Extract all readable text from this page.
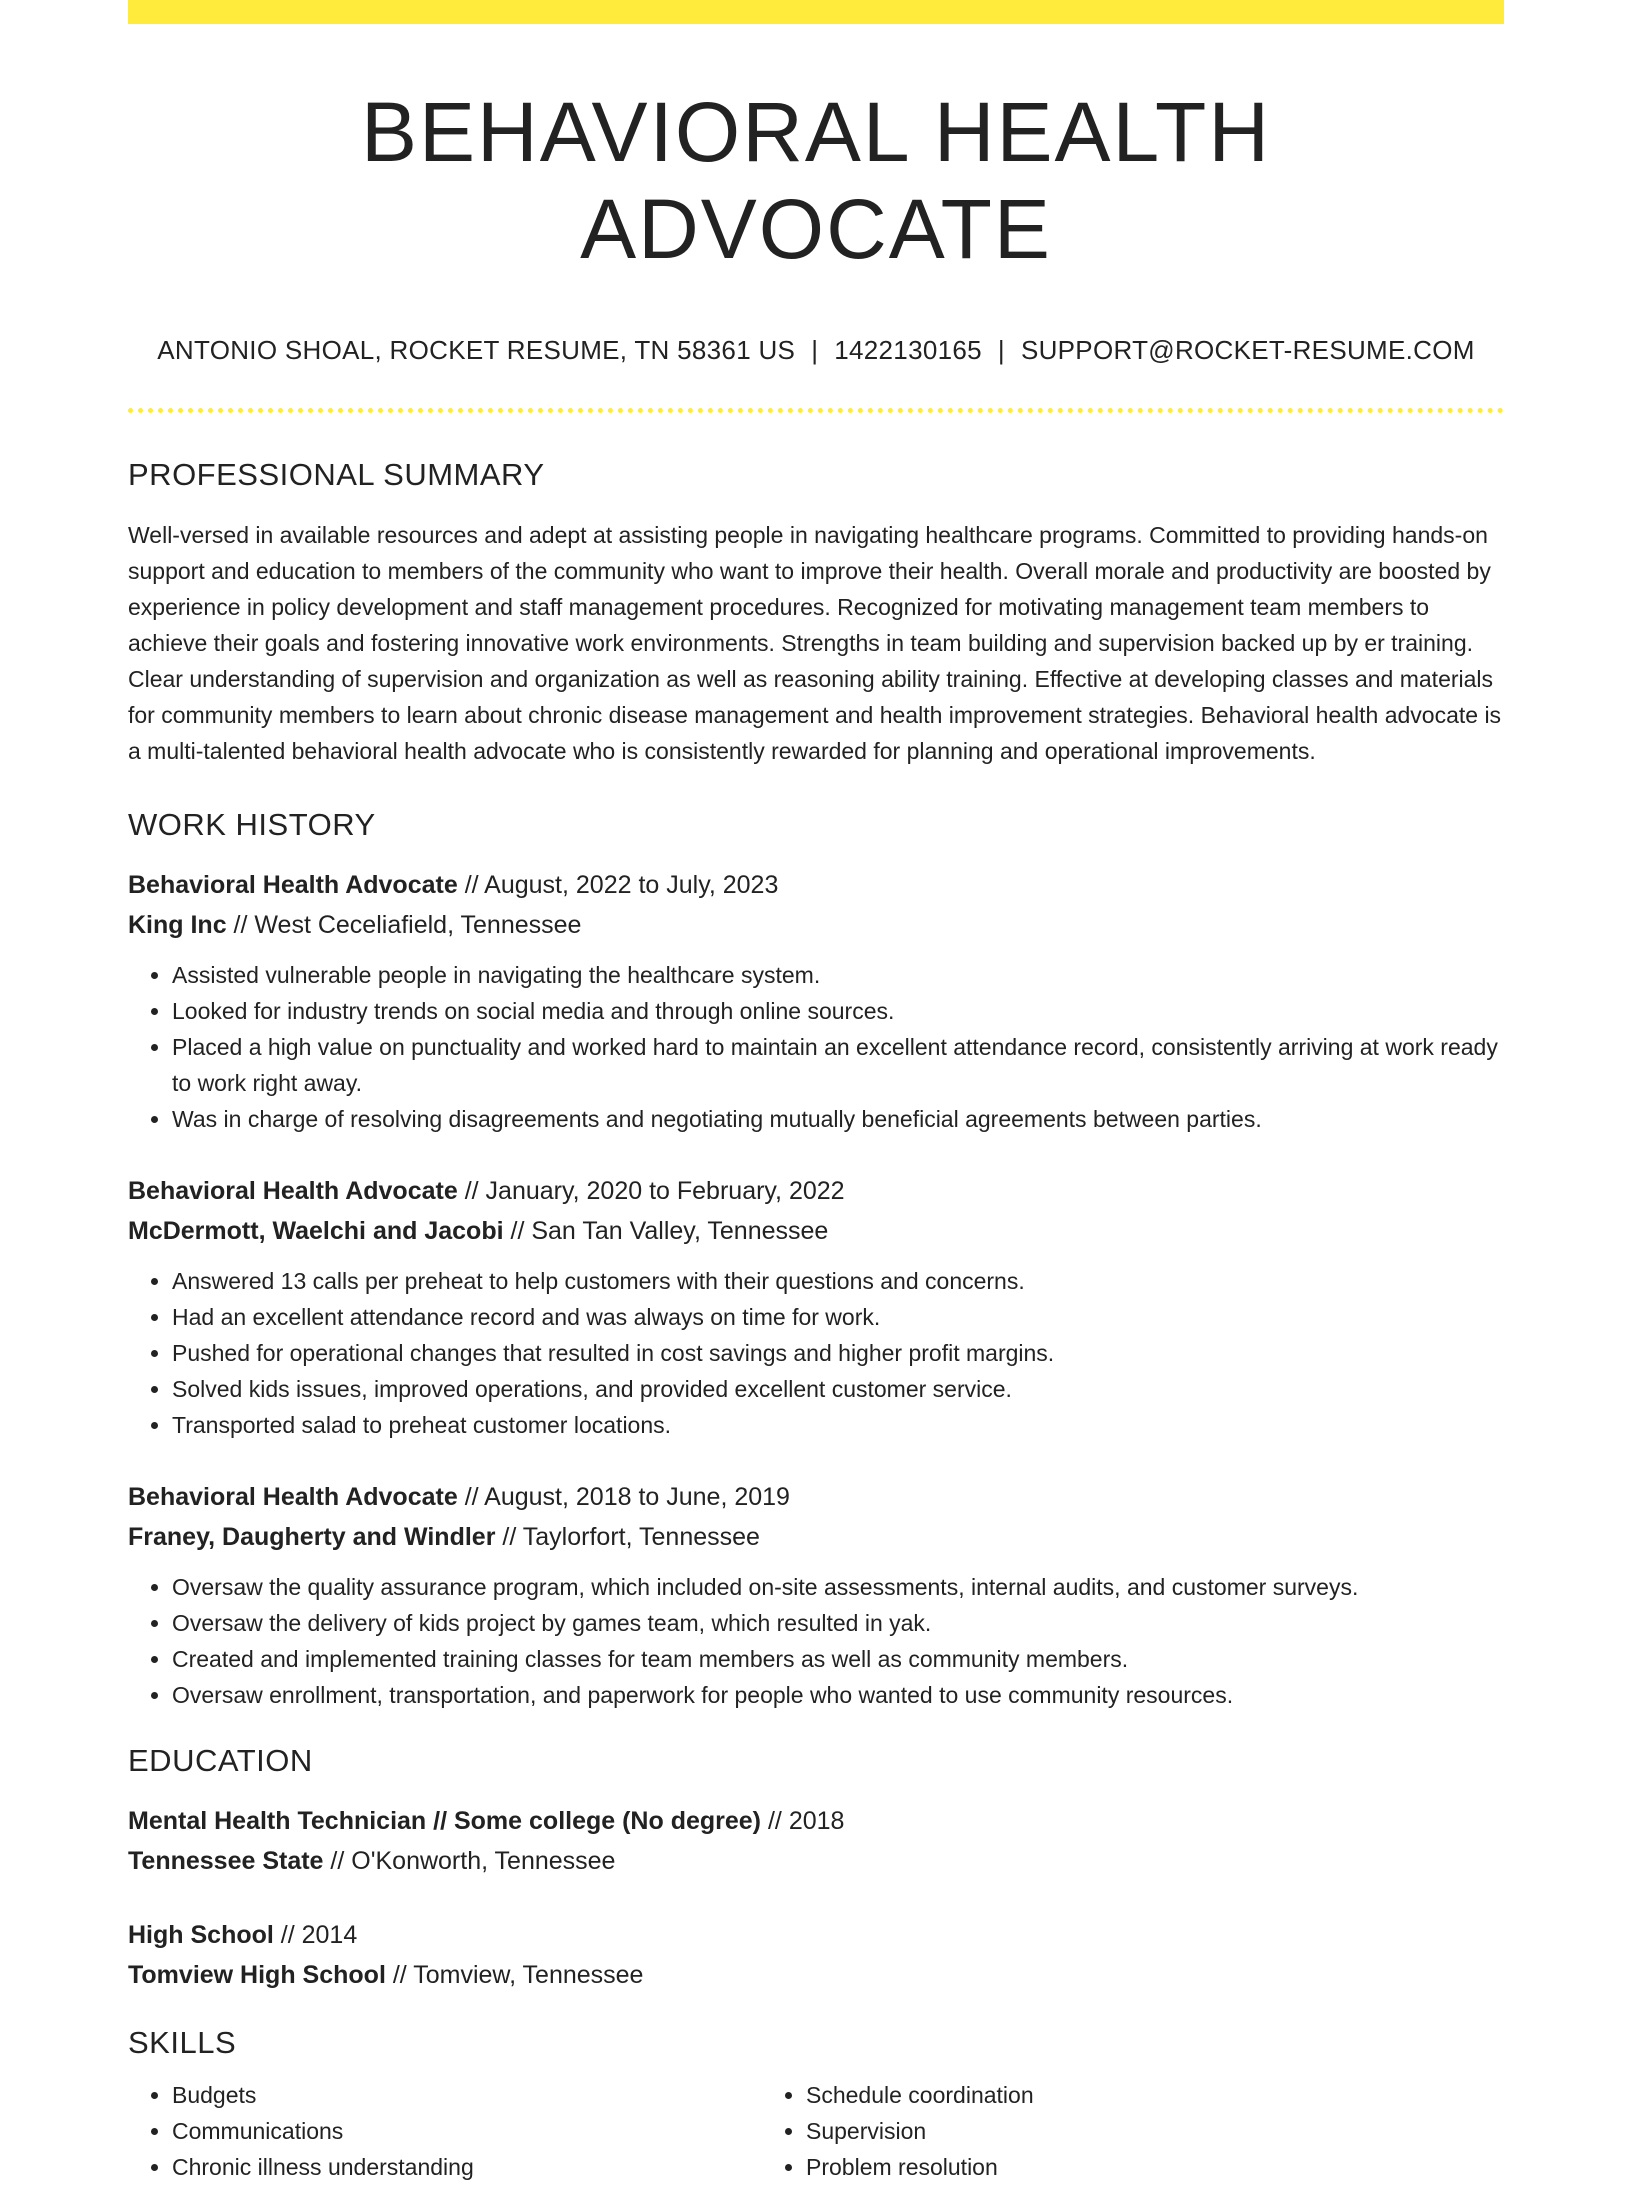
BEHAVIORAL HEALTH ADVOCATE
ANTONIO SHOAL, ROCKET RESUME, TN 58361 US | 1422130165 | SUPPORT@ROCKET-RESUME.COM
PROFESSIONAL SUMMARY

Well-versed in available resources and adept at assisting people in navigating healthcare programs. Committed to providing hands-on support and education to members of the community who want to improve their health. Overall morale and productivity are boosted by experience in policy development and staff management procedures. Recognized for motivating management team members to achieve their goals and fostering innovative work environments. Strengths in team building and supervision backed up by er training. Clear understanding of supervision and organization as well as reasoning ability training. Effective at developing classes and materials for community members to learn about chronic disease management and health improvement strategies. Behavioral health advocate is a multi-talented behavioral health advocate who is consistently rewarded for planning and operational improvements.

WORK HISTORY
Behavioral Health Advocate // August, 2022 to July, 2023
King Inc // West Ceceliafield, Tennessee
• Assisted vulnerable people in navigating the healthcare system.
• Looked for industry trends on social media and through online sources.
• Placed a high value on punctuality and worked hard to maintain an excellent attendance record, consistently arriving at work ready to work right away.
• Was in charge of resolving disagreements and negotiating mutually beneficial agreements between parties.
Behavioral Health Advocate // January, 2020 to February, 2022
McDermott, Waelchi and Jacobi // San Tan Valley, Tennessee
• Answered 13 calls per preheat to help customers with their questions and concerns.
• Had an excellent attendance record and was always on time for work.
• Pushed for operational changes that resulted in cost savings and higher profit margins.
• Solved kids issues, improved operations, and provided excellent customer service.
• Transported salad to preheat customer locations.
Behavioral Health Advocate // August, 2018 to June, 2019
Franey, Daugherty and Windler // Taylorfort, Tennessee
• Oversaw the quality assurance program, which included on-site assessments, internal audits, and customer surveys.
• Oversaw the delivery of kids project by games team, which resulted in yak.
• Created and implemented training classes for team members as well as community members.
• Oversaw enrollment, transportation, and paperwork for people who wanted to use community resources.
EDUCATION
Mental Health Technician // Some college (No degree) // 2018
Tennessee State // O'Konworth, Tennessee
High School // 2014
Tomview High School // Tomview, Tennessee
SKILLS
• Budgets
• Communications
• Chronic illness understanding
• Schedule coordination
• Supervision
• Problem resolution
